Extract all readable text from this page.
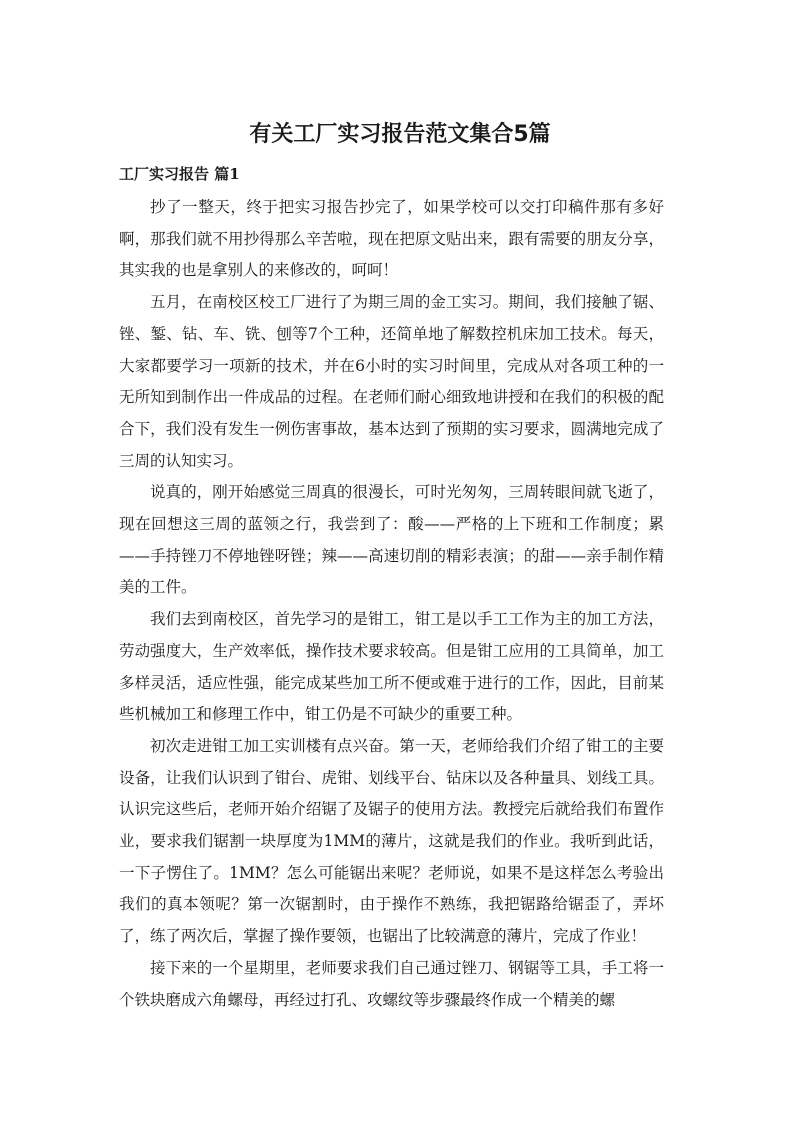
有关工厂实习报告范文集合5篇
工厂实习报告 篇1

抄了一整天，终于把实习报告抄完了，如果学校可以交打印稿件那有多好啊，那我们就不用抄得那么辛苦啦，现在把原文贴出来，跟有需要的朋友分享，其实我的也是拿别人的来修改的，呵呵！

五月，在南校区校工厂进行了为期三周的金工实习。期间，我们接触了锯、锉、錾、钻、车、铣、刨等7个工种，还简单地了解数控机床加工技术。每天，大家都要学习一项新的技术，并在6小时的实习时间里，完成从对各项工种的一无所知到制作出一件成品的过程。在老师们耐心细致地讲授和在我们的积极的配合下，我们没有发生一例伤害事故，基本达到了预期的实习要求，圆满地完成了三周的认知实习。

说真的，刚开始感觉三周真的很漫长，可时光匆匆，三周转眼间就飞逝了，现在回想这三周的蓝领之行，我尝到了：酸——严格的上下班和工作制度；累——手持锉刀不停地锉呀锉；辣——高速切削的精彩表演；的甜——亲手制作精美的工件。

我们去到南校区，首先学习的是钳工，钳工是以手工工作为主的加工方法，劳动强度大，生产效率低，操作技术要求较高。但是钳工应用的工具简单，加工多样灵活，适应性强，能完成某些加工所不便或难于进行的工作，因此，目前某些机械加工和修理工作中，钳工仍是不可缺少的重要工种。

初次走进钳工加工实训楼有点兴奋。第一天，老师给我们介绍了钳工的主要设备，让我们认识到了钳台、虎钳、划线平台、钻床以及各种量具、划线工具。认识完这些后，老师开始介绍锯了及锯子的使用方法。教授完后就给我们布置作业，要求我们锯割一块厚度为1MM的薄片，这就是我们的作业。我听到此话，一下子愣住了。1MM？怎么可能锯出来呢？老师说，如果不是这样怎么考验出我们的真本领呢？第一次锯割时，由于操作不熟练，我把锯路给锯歪了，弄坏了，练了两次后，掌握了操作要领，也锯出了比较满意的薄片，完成了作业！

接下来的一个星期里，老师要求我们自己通过锉刀、钢锯等工具，手工将一个铁块磨成六角螺母，再经过打孔、攻螺纹等步骤最终作成一个精美的螺
